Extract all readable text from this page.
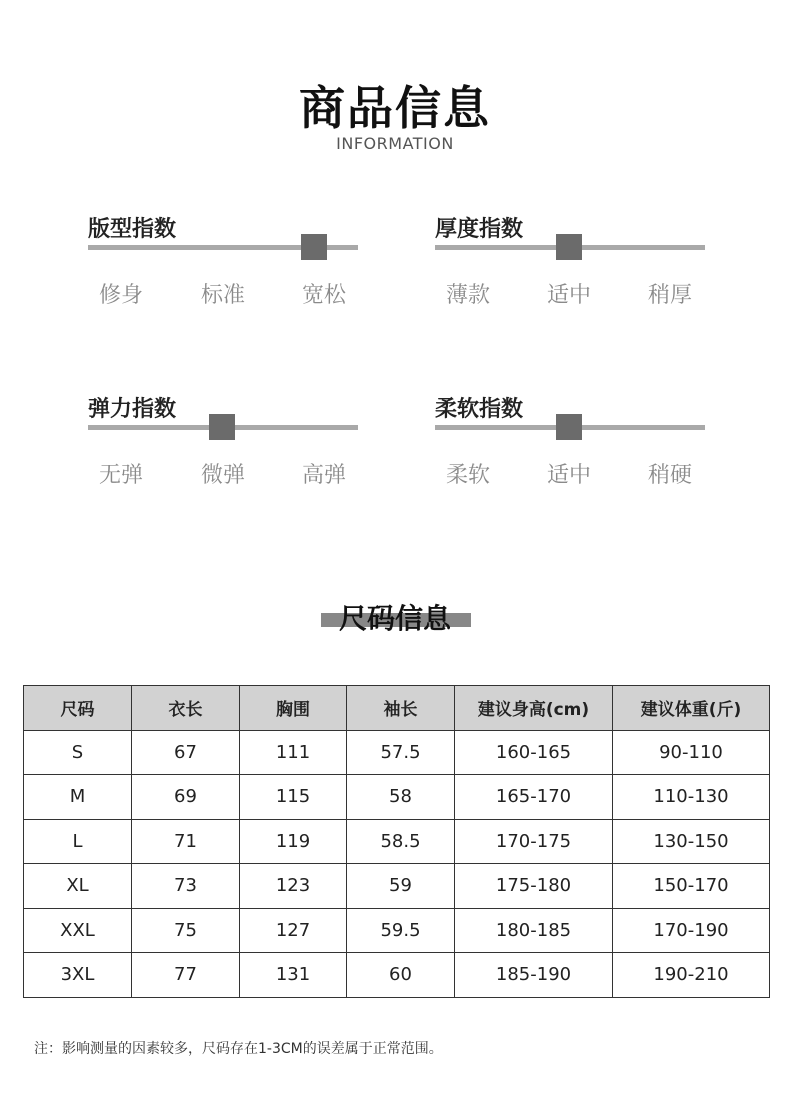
商品信息
INFORMATION
版型指数
修身	标准	宽松
厚度指数
薄款	适中	稍厚
弹力指数
无弹	微弹	高弹
柔软指数
柔软	适中	稍硬
尺码信息
尺码	衣长	胸围	袖长	建议身高(cm)	建议体重(斤)
S	67	111	57.5	160-165	90-110
M	69	115	58	165-170	110-130
L	71	119	58.5	170-175	130-150
XL	73	123	59	175-180	150-170
XXL	75	127	59.5	180-185	170-190
3XL	77	131	60	185-190	190-210
注：影响测量的因素较多，尺码存在1-3CM的误差属于正常范围。
